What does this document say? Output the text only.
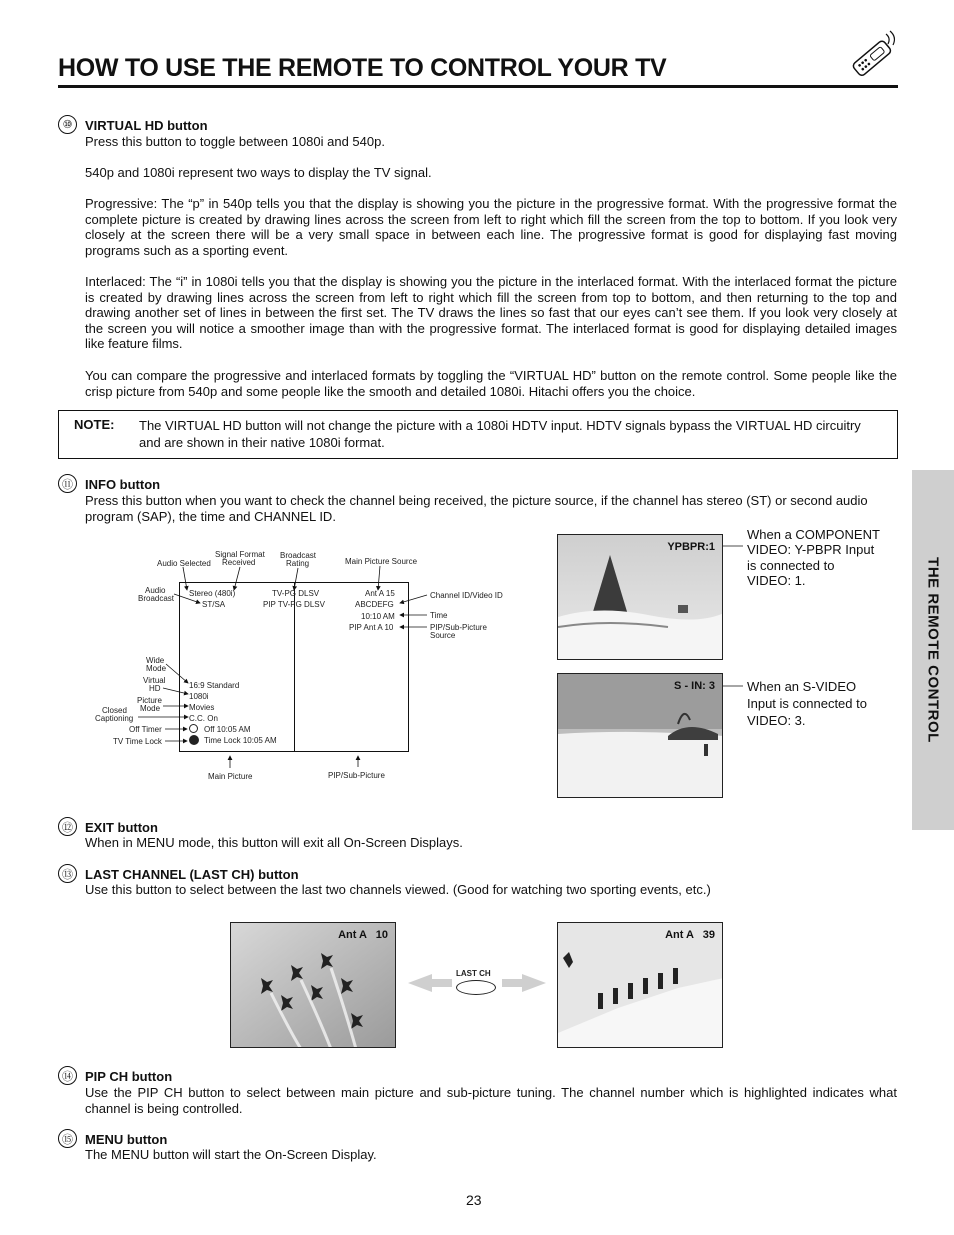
HOW TO USE THE REMOTE TO CONTROL YOUR TV
THE REMOTE CONTROL
⑩ VIRTUAL HD button
Press this button to toggle between 1080i and 540p.
540p and 1080i represent two ways to display the TV signal.
Progressive: The “p” in 540p tells you that the display is showing you the picture in the progressive format. With the progressive format the complete picture is created by drawing lines across the screen from left to right which fill the screen from the top to bottom. If you look very closely at the screen there will be a very small space in between each line. The progressive format is good for displaying fast moving programs such as a sporting event.
Interlaced: The “i” in 1080i tells you that the display is showing you the picture in the interlaced format. With the interlaced format the picture is created by drawing lines across the screen from left to right which fill the screen from top to bottom, and then returning to the top and drawing another set of lines in between the first set. The TV draws the lines so fast that our eyes can’t see them. If you look very closely at the screen you will notice a smoother image than with the progressive format. The interlaced format is good for displaying detailed images like feature films.
You can compare the progressive and interlaced formats by toggling the “VIRTUAL HD” button on the remote control. Some people like the crisp picture from 540p and some people like the smooth and detailed 1080i. Hitachi offers you the choice.
NOTE: The VIRTUAL HD button will not change the picture with a 1080i HDTV input. HDTV signals bypass the VIRTUAL HD circuitry and are shown in their native 1080i format.
⑪ INFO button
Press this button when you want to check the channel being received, the picture source, if the channel has stereo (ST) or second audio program (SAP), the time and CHANNEL ID.
Audio Selected
Signal Format
Received
Broadcast
Rating	Main Picture Source
Audio
Broadcast
Stereo (480i)
ST/SA
TV-PG DLSV
PIP TV-PG DLSV
Ant A 15
ABCDEFG
10:10 AM
PIP Ant A 10
Channel ID/Video ID
Time
PIP/Sub-Picture
Source
Wide
Mode
Virtual
HD
Picture
Mode
Closed
Captioning
Off Timer
TV Time Lock
16:9 Standard
1080i
Movies
C.C. On
Off 10:05 AM
Time Lock 10:05 AM
Main Picture	PIP/Sub-Picture
YPBPR:1
When a COMPONENT
VIDEO: Y-PBPR Input
is connected to
VIDEO: 1.
S - IN: 3 When an S-VIDEO
Input is connected to
VIDEO: 3.
⑫ EXIT button
When in MENU mode, this button will exit all On-Screen Displays.
⑬ LAST CHANNEL (LAST CH) button
Use this button to select between the last two channels viewed. (Good for watching two sporting events, etc.)
Ant A   10
LAST CH
Ant A   39
⑭ PIP CH button
Use the PIP CH button to select between main picture and sub-picture tuning. The channel number which is highlighted indicates what channel is being controlled.
⑮ MENU button
The MENU button will start the On-Screen Display.
23
